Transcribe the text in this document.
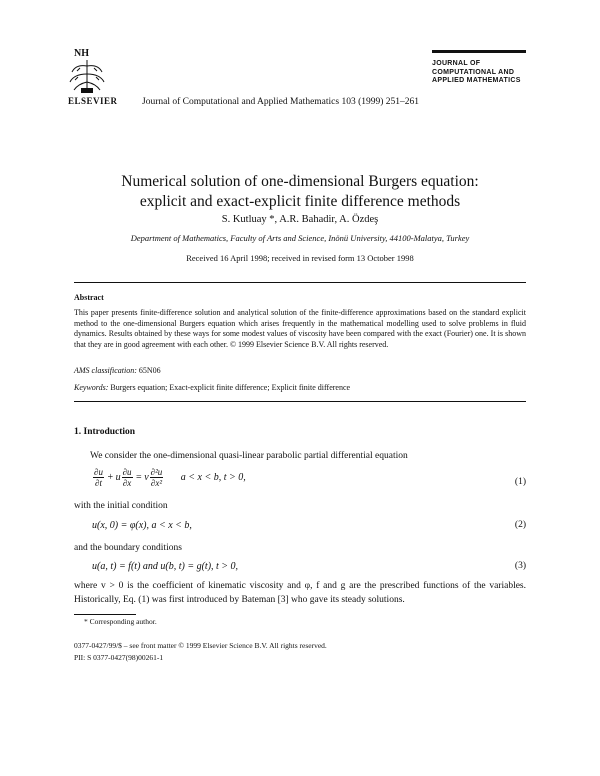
NH
ELSEVIER	Journal of Computational and Applied Mathematics 103 (1999) 251–261
JOURNAL OF
COMPUTATIONAL AND
APPLIED MATHEMATICS
Numerical solution of one-dimensional Burgers equation:
explicit and exact-explicit finite difference methods
S. Kutluay *, A.R. Bahadir, A. Özdeş
Department of Mathematics, Faculty of Arts and Science, Inönü University, 44100-Malatya, Turkey
Received 16 April 1998; received in revised form 13 October 1998
Abstract
This paper presents finite-difference solution and analytical solution of the finite-difference approximations based on the standard explicit method to the one-dimensional Burgers equation which arises frequently in the mathematical modelling used to solve problems in fluid dynamics. Results obtained by these ways for some modest values of viscosity have been compared with the exact (Fourier) one. It is shown that they are in good agreement with each other. © 1999 Elsevier Science B.V. All rights reserved.
AMS classification: 65N06
Keywords: Burgers equation; Exact-explicit finite difference; Explicit finite difference
1. Introduction
We consider the one-dimensional quasi-linear parabolic partial differential equation
$\frac{\partial u}{\partial t} + u \frac{\partial u}{\partial x} = v \frac{\text{∂²u}}{\text{∂x²}}$ a < x < b, t > 0,	(1)
with the initial condition
u(x, 0) = φ(x), a < x < b,	(2)
and the boundary conditions
u(a, t) = f(t) and u(b, t) = g(t), t > 0,	(3)
where v > 0 is the coefficient of kinematic viscosity and φ, f and g are the prescribed functions of the variables. Historically, Eq. (1) was first introduced by Bateman [3] who gave its steady solutions.
* Corresponding author.
0377-0427/99/$ – see front matter © 1999 Elsevier Science B.V. All rights reserved.
PII: S 0377-0427(98)00261-1
